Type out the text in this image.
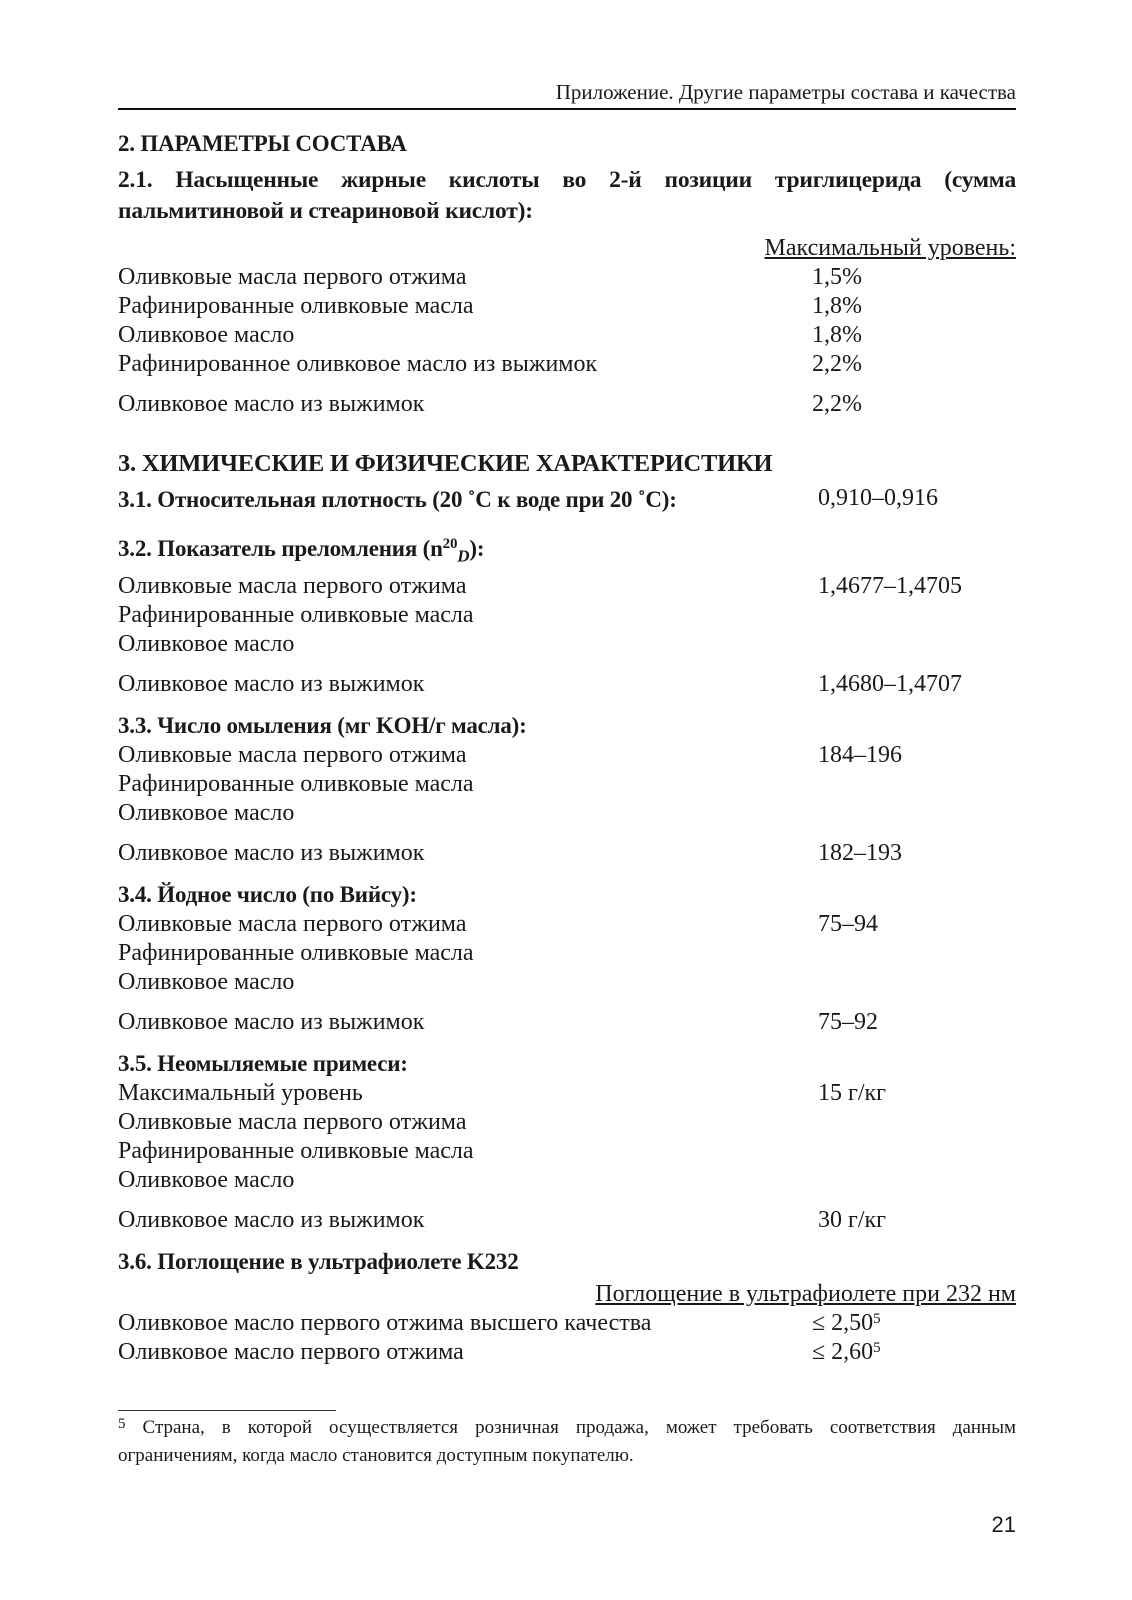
Приложение. Другие параметры состава и качества
2. ПАРАМЕТРЫ СОСТАВА
2.1. Насыщенные жирные кислоты во 2-й позиции триглицерида (сумма пальмитиновой и стеариновой кислот):
Максимальный уровень:
Оливковые масла первого отжима	1,5%
Рафинированные оливковые масла	1,8%
Оливковое масло	1,8%
Рафинированное оливковое масло из выжимок	2,2%
Оливковое масло из выжимок	2,2%
3. ХИМИЧЕСКИЕ И ФИЗИЧЕСКИЕ ХАРАКТЕРИСТИКИ
3.1. Относительная плотность (20 ˚С к воде при 20 ˚С):	0,910–0,916
3.2. Показатель преломления $(n^{20}_D)$:
Оливковые масла первого отжима	1,4677–1,4705
Рафинированные оливковые масла
Оливковое масло
Оливковое масло из выжимок	1,4680–1,4707
3.3. Число омыления (мг KOH/г масла):
Оливковые масла первого отжима	184–196
Рафинированные оливковые масла
Оливковое масло
Оливковое масло из выжимок	182–193
3.4. Йодное число (по Вийсу):
Оливковые масла первого отжима	75–94
Рафинированные оливковые масла
Оливковое масло
Оливковое масло из выжимок	75–92
3.5. Неомыляемые примеси:
Максимальный уровень	15 г/кг
Оливковые масла первого отжима
Рафинированные оливковые масла
Оливковое масло
Оливковое масло из выжимок	30 г/кг
3.6. Поглощение в ультрафиолете K232
Поглощение в ультрафиолете при 232 нм
Оливковое масло первого отжима высшего качества	≤ $2,50^5$
Оливковое масло первого отжима	≤ $2,60^5$
$^5$ Страна, в которой осуществляется розничная продажа, может требовать соответствия данным ограничениям, когда масло становится доступным покупателю.
21
